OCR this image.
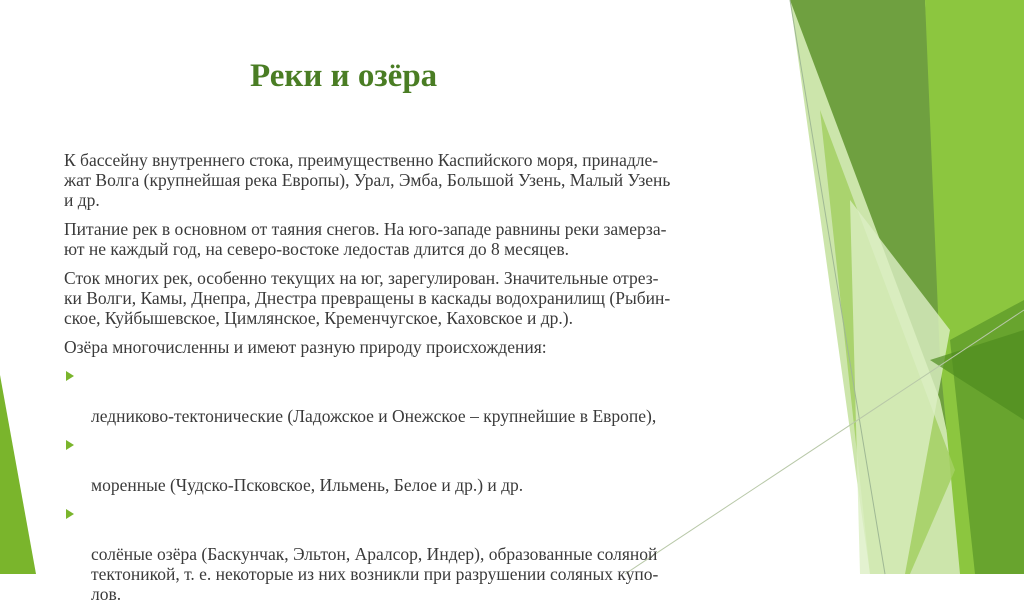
Реки и озёра

К бассейну внутреннего стока, преимущественно Каспийского моря, принадле-
жат Волга (крупнейшая река Европы), Урал, Эмба, Большой Узень, Малый Узень
и др.

Питание рек в основном от таяния снегов. На юго-западе равнины реки замерза-
ют не каждый год, на северо-востоке ледостав длится до 8 месяцев.

Сток многих рек, особенно текущих на юг, зарегулирован. Значительные отрез-
ки Волги, Камы, Днепра, Днестра превращены в каскады водохранилищ (Рыбин-
ское, Куйбышевское, Цимлянское, Кременчугское, Каховское и др.).

Озёра многочисленны и имеют разную природу происхождения:

ледниково-тектонические (Ладожское и Онежское – крупнейшие в Европе),

моренные (Чудско-Псковское, Ильмень, Белое и др.) и др.

солёные озёра (Баскунчак, Эльтон, Аралсор, Индер), образованные соляной
тектоникой, т. е. некоторые из них возникли при разрушении соляных купо-
лов.
